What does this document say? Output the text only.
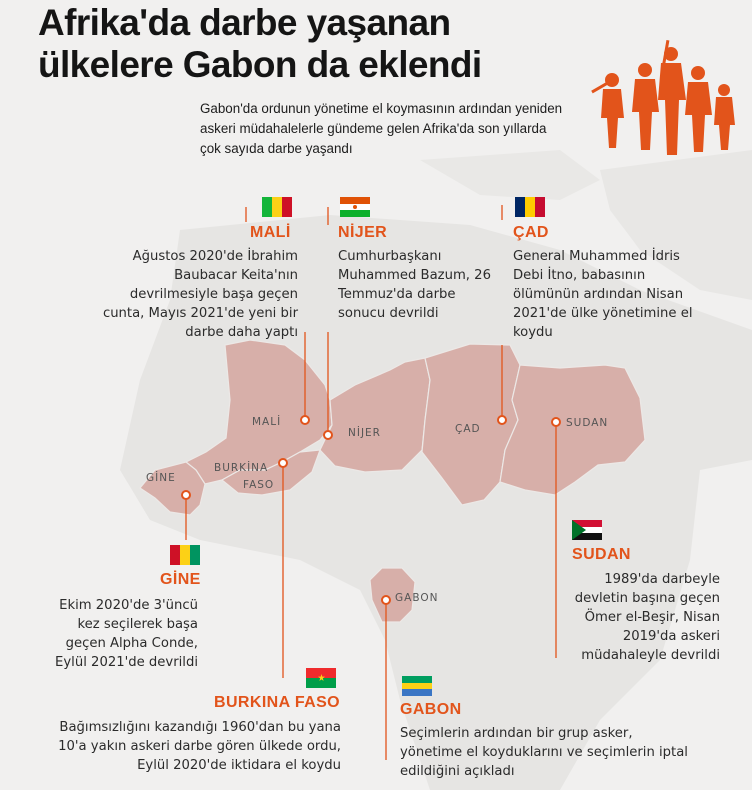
Afrika'da darbe yaşanan ülkelere Gabon da eklendi
Gabon'da ordunun yönetime el koymasının ardından yeniden askeri müdahalelerle gündeme gelen Afrika'da son yıllarda çok sayıda darbe yaşandı
MALİ
Ağustos 2020'de İbrahim Baubacar Keita'nın devrilmesiyle başa geçen cunta, Mayıs 2021'de yeni bir darbe daha yaptı
NİJER
Cumhurbaşkanı Muhammed Bazum, 26 Temmuz'da darbe sonucu devrildi
ÇAD
General Muhammed İdris Debi İtno, babasının ölümünün ardından Nisan 2021'de ülke yönetimine el koydu
MALİ
NİJER	ÇAD	SUDAN
BURKİNA
FASO
GİNE
GABON
GİNE
Ekim 2020'de 3'üncü kez seçilerek başa geçen Alpha Conde, Eylül 2021'de devrildi
SUDAN
1989'da darbeyle devletin başına geçen Ömer el-Beşir, Nisan 2019'da askeri müdahaleyle devrildi
BURKINA FASO
Bağımsızlığını kazandığı 1960'dan bu yana 10'a yakın askeri darbe gören ülkede ordu, Eylül 2020'de iktidara el koydu
GABON
Seçimlerin ardından bir grup asker, yönetime el koyduklarını ve seçimlerin iptal edildiğini açıkladı
